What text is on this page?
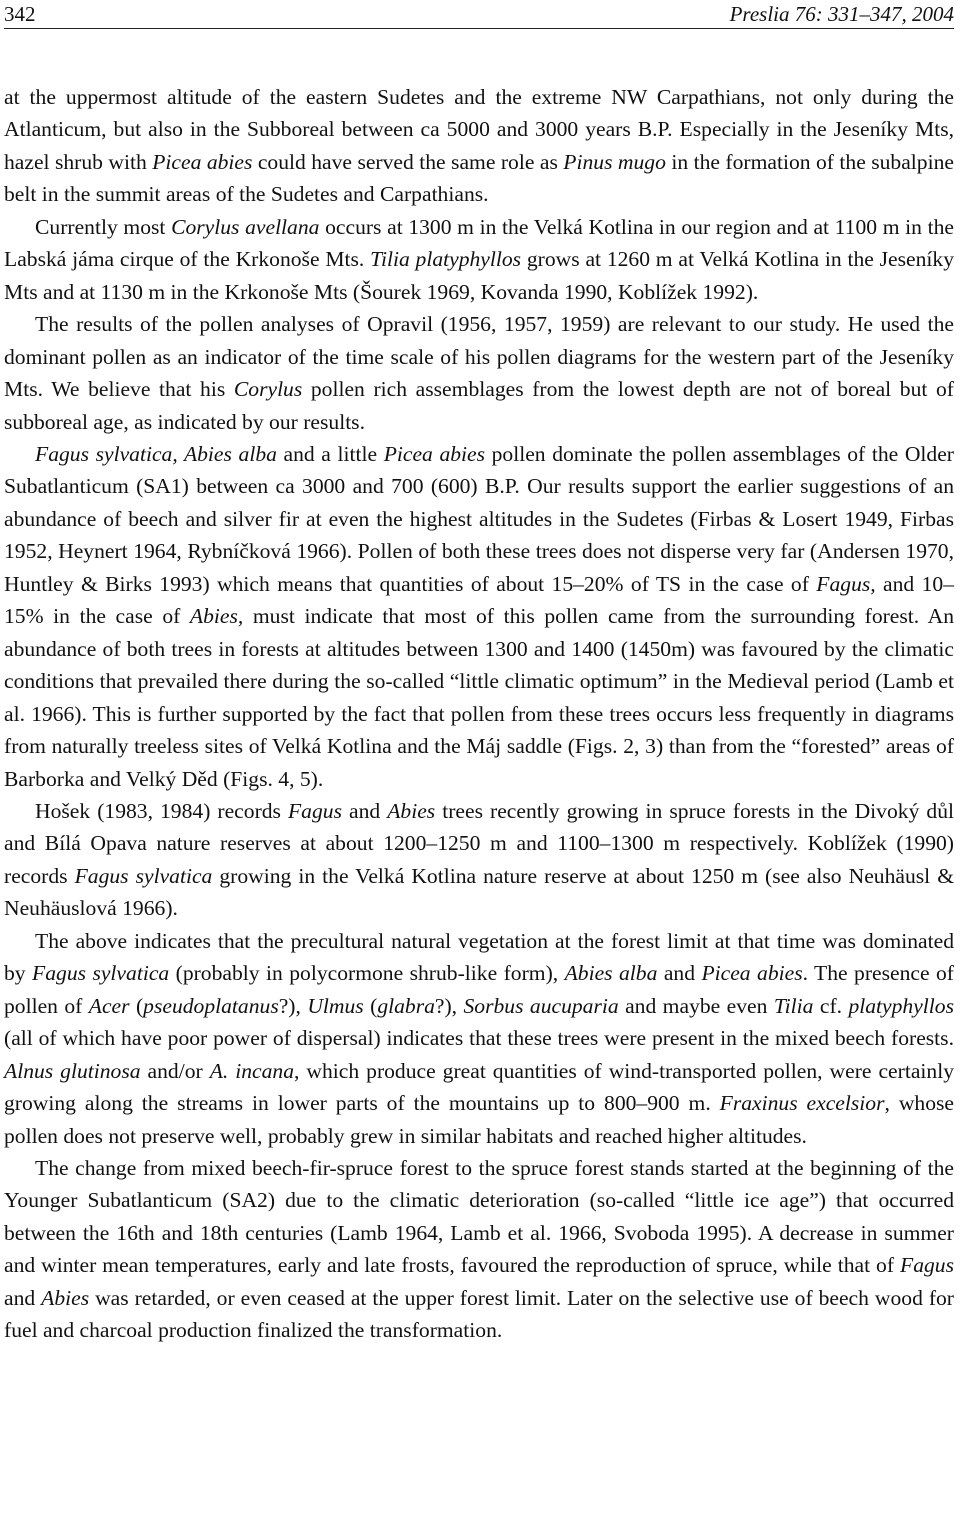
342	Preslia 76: 331–347, 2004

at the uppermost altitude of the eastern Sudetes and the extreme NW Carpathians, not only during the Atlanticum, but also in the Subboreal between ca 5000 and 3000 years B.P. Especially in the Jeseníky Mts, hazel shrub with Picea abies could have served the same role as Pinus mugo in the formation of the subalpine belt in the summit areas of the Sudetes and Carpathians.

Currently most Corylus avellana occurs at 1300 m in the Velká Kotlina in our region and at 1100 m in the Labská jáma cirque of the Krkonoše Mts. Tilia platyphyllos grows at 1260 m at Velká Kotlina in the Jeseníky Mts and at 1130 m in the Krkonoše Mts (Šourek 1969, Kovanda 1990, Koblížek 1992).

The results of the pollen analyses of Opravil (1956, 1957, 1959) are relevant to our study. He used the dominant pollen as an indicator of the time scale of his pollen diagrams for the western part of the Jeseníky Mts. We believe that his Corylus pollen rich assemblages from the lowest depth are not of boreal but of subboreal age, as indicated by our results.

Fagus sylvatica, Abies alba and a little Picea abies pollen dominate the pollen assemblages of the Older Subatlanticum (SA1) between ca 3000 and 700 (600) B.P. Our results support the earlier suggestions of an abundance of beech and silver fir at even the highest altitudes in the Sudetes (Firbas & Losert 1949, Firbas 1952, Heynert 1964, Rybníčková 1966). Pollen of both these trees does not disperse very far (Andersen 1970, Huntley & Birks 1993) which means that quantities of about 15–20% of TS in the case of Fagus, and 10–15% in the case of Abies, must indicate that most of this pollen came from the surrounding forest. An abundance of both trees in forests at altitudes between 1300 and 1400 (1450m) was favoured by the climatic conditions that prevailed there during the so-called “little climatic optimum” in the Medieval period (Lamb et al. 1966). This is further supported by the fact that pollen from these trees occurs less frequently in diagrams from naturally treeless sites of Velká Kotlina and the Máj saddle (Figs. 2, 3) than from the “forested” areas of Barborka and Velký Děd (Figs. 4, 5).

Hošek (1983, 1984) records Fagus and Abies trees recently growing in spruce forests in the Divoký důl and Bílá Opava nature reserves at about 1200–1250 m and 1100–1300 m respectively. Koblížek (1990) records Fagus sylvatica growing in the Velká Kotlina nature reserve at about 1250 m (see also Neuhäusl & Neuhäuslová 1966).

The above indicates that the precultural natural vegetation at the forest limit at that time was dominated by Fagus sylvatica (probably in polycormone shrub-like form), Abies alba and Picea abies. The presence of pollen of Acer (pseudoplatanus?), Ulmus (glabra?), Sorbus aucuparia and maybe even Tilia cf. platyphyllos (all of which have poor power of dispersal) indicates that these trees were present in the mixed beech forests. Alnus glutinosa and/or A. incana, which produce great quantities of wind-transported pollen, were certainly growing along the streams in lower parts of the mountains up to 800–900 m. Fraxinus excelsior, whose pollen does not preserve well, probably grew in similar habitats and reached higher altitudes.

The change from mixed beech-fir-spruce forest to the spruce forest stands started at the beginning of the Younger Subatlanticum (SA2) due to the climatic deterioration (so-called “little ice age”) that occurred between the 16th and 18th centuries (Lamb 1964, Lamb et al. 1966, Svoboda 1995). A decrease in summer and winter mean temperatures, early and late frosts, favoured the reproduction of spruce, while that of Fagus and Abies was retarded, or even ceased at the upper forest limit. Later on the selective use of beech wood for fuel and charcoal production finalized the transformation.
